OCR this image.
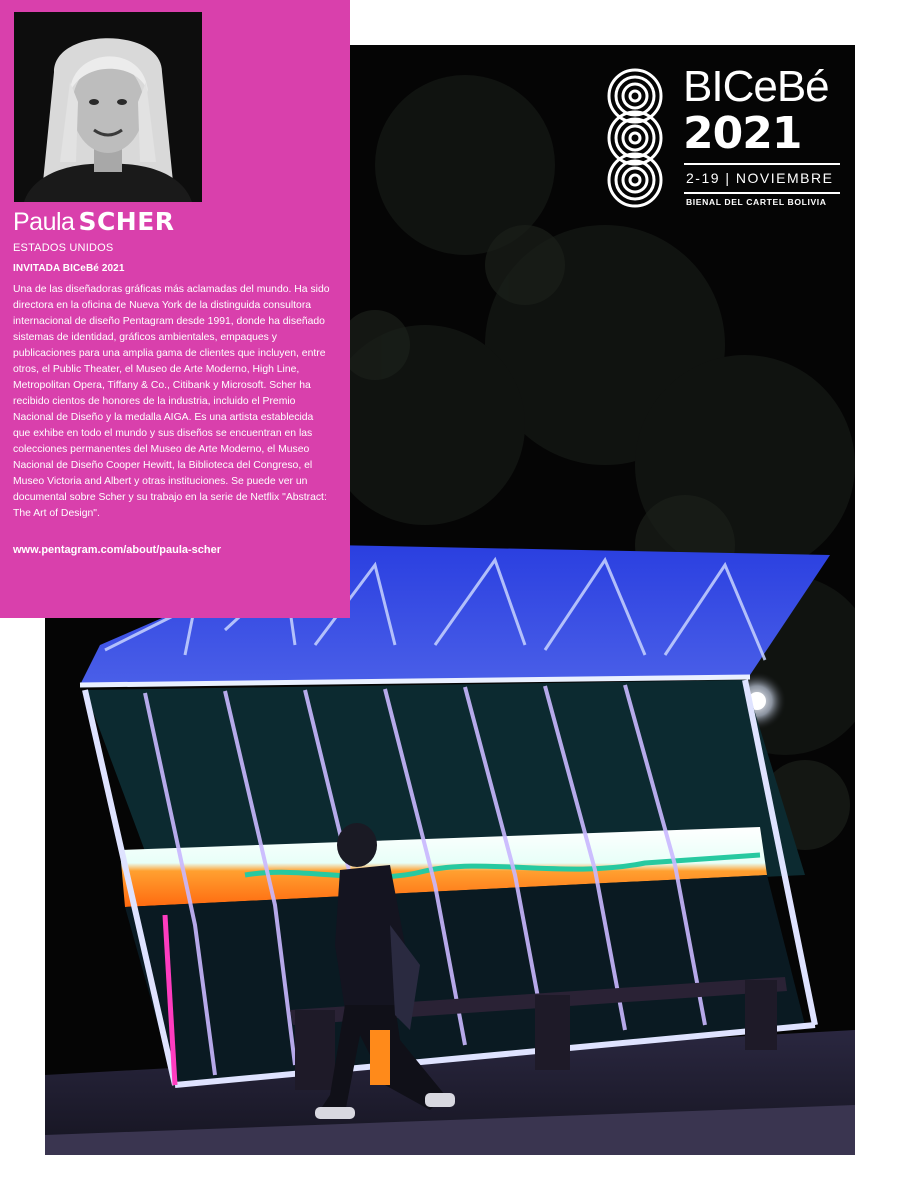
BICeBé
2021
2-19 | NOVIEMBRE
BIENAL DEL CARTEL BOLIVIA
Paula SCHER
ESTADOS UNIDOS
INVITADA BICeBé 2021

Una de las diseñadoras gráficas más aclamadas del mundo. Ha sido directora en la oficina de Nueva York de la distinguida consultora internacional de diseño Pentagram desde 1991, donde ha diseñado sistemas de identidad, gráficos ambientales, empaques y publicaciones para una amplia gama de clientes que incluyen, entre otros, el Public Theater, el Museo de Arte Moderno, High Line, Metropolitan Opera, Tiffany & Co., Citibank y Microsoft. Scher ha recibido cientos de honores de la industria, incluido el Premio Nacional de Diseño y la medalla AIGA. Es una artista establecida que exhibe en todo el mundo y sus diseños se encuentran en las colecciones permanentes del Museo de Arte Moderno, el Museo Nacional de Diseño Cooper Hewitt, la Biblioteca del Congreso, el Museo Victoria and Albert y otras instituciones. Se puede ver un documental sobre Scher y su trabajo en la serie de Netflix "Abstract: The Art of Design".

www.pentagram.com/about/paula-scher
